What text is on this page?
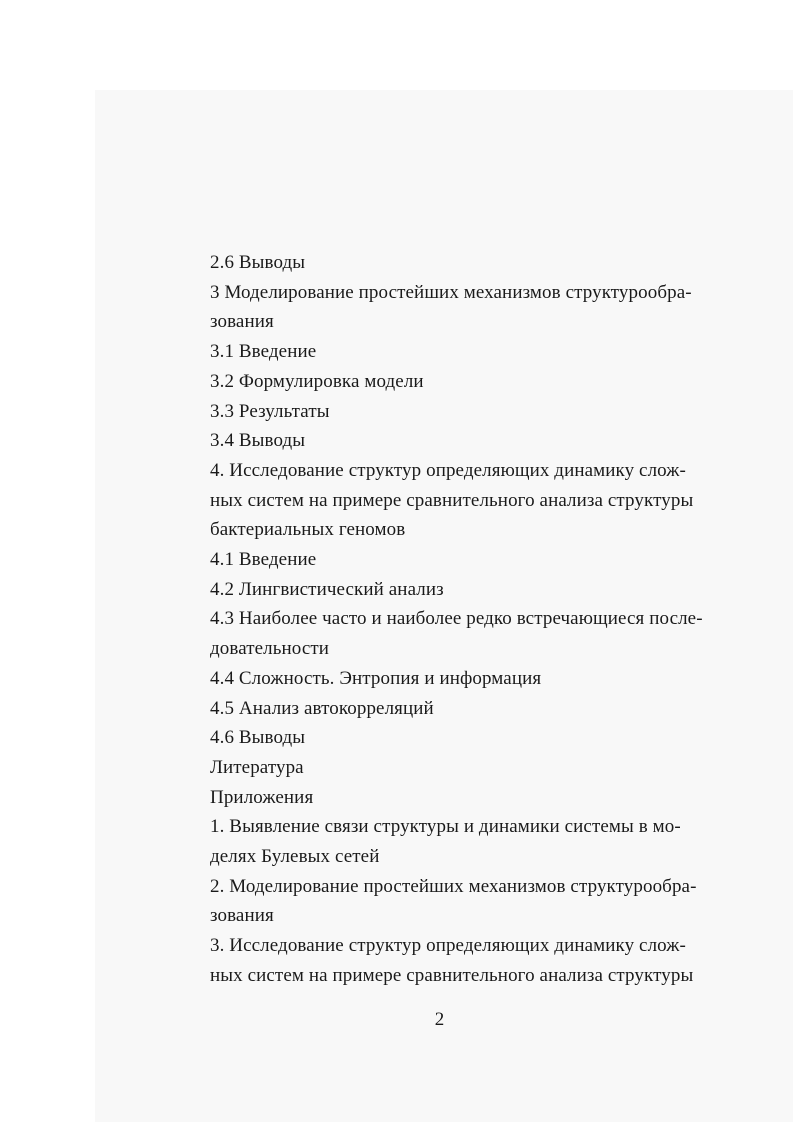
2.6 Выводы
3 Моделирование простейших механизмов структурообра-
зования
3.1 Введение
3.2 Формулировка модели
3.3 Результаты
3.4 Выводы
4. Исследование структур определяющих динамику слож-
ных систем на примере сравнительного анализа структуры
бактериальных геномов
4.1 Введение
4.2 Лингвистический анализ
4.3 Наиболее часто и наиболее редко встречающиеся после-
довательности
4.4 Сложность. Энтропия и информация
4.5 Анализ автокорреляций
4.6 Выводы
Литература
Приложения
1. Выявление связи структуры и динамики системы в мо-
делях Булевых сетей
2. Моделирование простейших механизмов структурообра-
зования
3. Исследование структур определяющих динамику слож-
ных систем на примере сравнительного анализа структуры
2
